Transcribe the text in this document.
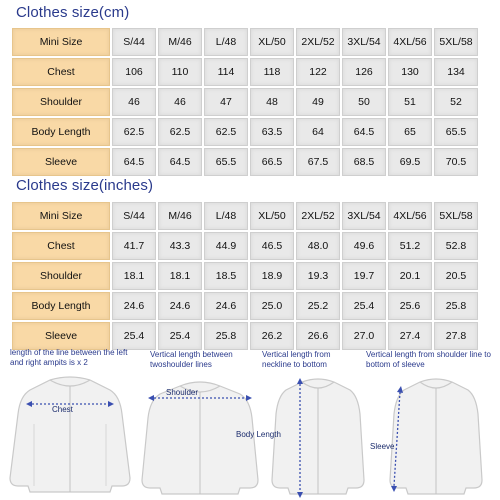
Clothes size(cm)
Mini Size	S/44	M/46	L/48	XL/50	2XL/52	3XL/54	4XL/56	5XL/58
Chest	106	110	114	118	122	126	130	134
Shoulder	46	46	47	48	49	50	51	52
Body Length	62.5	62.5	62.5	63.5	64	64.5	65	65.5
Sleeve	64.5	64.5	65.5	66.5	67.5	68.5	69.5	70.5
Clothes size(inches)
Mini Size	S/44	M/46	L/48	XL/50	2XL/52	3XL/54	4XL/56	5XL/58
Chest	41.7	43.3	44.9	46.5	48.0	49.6	51.2	52.8
Shoulder	18.1	18.1	18.5	18.9	19.3	19.7	20.1	20.5
Body Length	24.6	24.6	24.6	25.0	25.2	25.4	25.6	25.8
Sleeve	25.4	25.4	25.8	26.2	26.6	27.0	27.4	27.8
length of the line between the left and right ampits is x 2
Vertical length between twoshoulder lines
Vertical length from neckline to bottom
Vertical length from shoulder line to bottom of sleeve
Chest
Shoulder
Body Length
Sleeve
